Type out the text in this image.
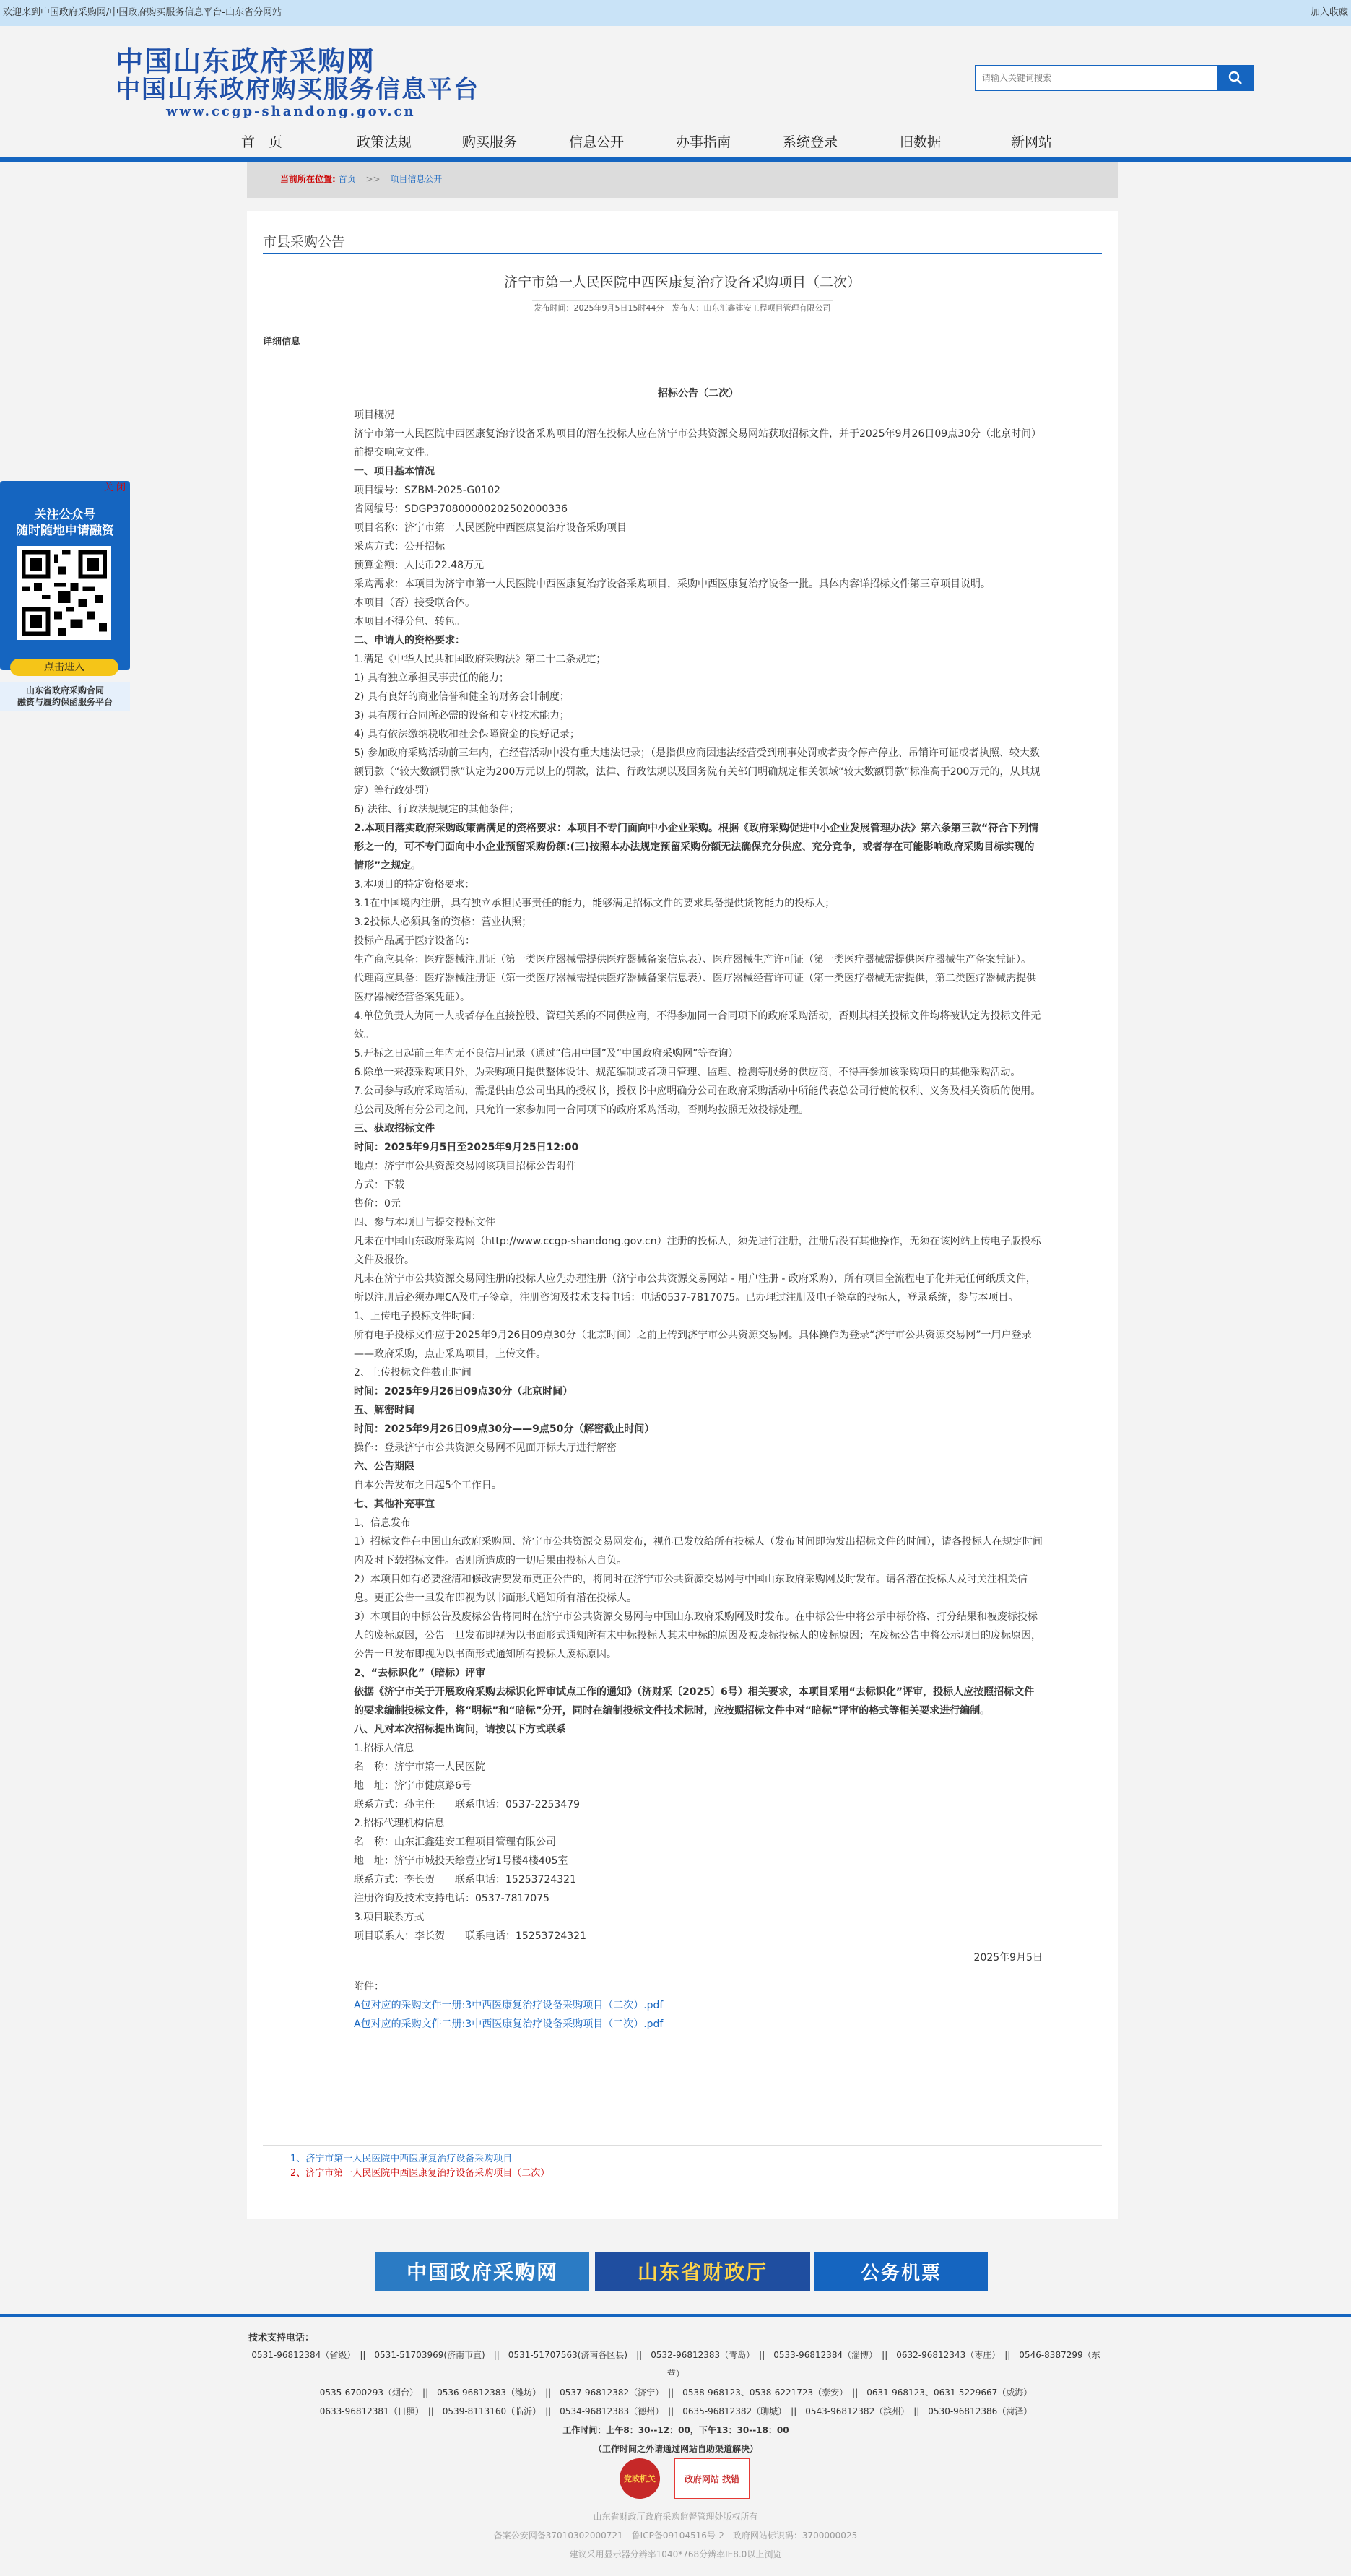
欢迎来到中国政府采购网/中国政府购买服务信息平台-山东省分网站	加入收藏
中国山东政府采购网
中国山东政府购买服务信息平台
www.ccgp-shandong.gov.cn
请输入关键词搜索
首　页	政策法规	购买服务	信息公开	办事指南	系统登录	旧数据	新网站
当前所在位置: 首页 >> 项目信息公开
市县采购公告
济宁市第一人民医院中西医康复治疗设备采购项目（二次）
发布时间：2025年9月5日15时44分　发布人：山东汇鑫建安工程项目管理有限公司
详细信息
招标公告（二次）

项目概况

济宁市第一人民医院中西医康复治疗设备采购项目的潜在投标人应在济宁市公共资源交易网站获取招标文件，并于2025年9月26日09点30分（北京时间）前提交响应文件。

一、项目基本情况

项目编号：SZBM-2025-G0102

省网编号：SDGP370800000202502000336

项目名称：济宁市第一人民医院中西医康复治疗设备采购项目

采购方式：公开招标

预算金额：人民币22.48万元

采购需求：本项目为济宁市第一人民医院中西医康复治疗设备采购项目，采购中西医康复治疗设备一批。具体内容详招标文件第三章项目说明。

本项目（否）接受联合体。

本项目不得分包、转包。

二、申请人的资格要求：

1.满足《中华人民共和国政府采购法》第二十二条规定；

1) 具有独立承担民事责任的能力；

2) 具有良好的商业信誉和健全的财务会计制度；

3) 具有履行合同所必需的设备和专业技术能力；

4) 具有依法缴纳税收和社会保障资金的良好记录；

5) 参加政府采购活动前三年内，在经营活动中没有重大违法记录；（是指供应商因违法经营受到刑事处罚或者责令停产停业、吊销许可证或者执照、较大数额罚款（“较大数额罚款”认定为200万元以上的罚款，法律、行政法规以及国务院有关部门明确规定相关领域“较大数额罚款”标准高于200万元的，从其规定）等行政处罚）

6) 法律、行政法规规定的其他条件；

2.本项目落实政府采购政策需满足的资格要求：本项目不专门面向中小企业采购。根据《政府采购促进中小企业发展管理办法》第六条第三款“符合下列情形之一的，可不专门面向中小企业预留采购份额:(三)按照本办法规定预留采购份额无法确保充分供应、充分竞争，或者存在可能影响政府采购目标实现的情形”之规定。

3.本项目的特定资格要求：

3.1在中国境内注册，具有独立承担民事责任的能力，能够满足招标文件的要求具备提供货物能力的投标人；

3.2投标人必须具备的资格：营业执照；

投标产品属于医疗设备的：

生产商应具备：医疗器械注册证（第一类医疗器械需提供医疗器械备案信息表）、医疗器械生产许可证（第一类医疗器械需提供医疗器械生产备案凭证）。

代理商应具备：医疗器械注册证（第一类医疗器械需提供医疗器械备案信息表）、医疗器械经营许可证（第一类医疗器械无需提供，第二类医疗器械需提供医疗器械经营备案凭证）。

4.单位负责人为同一人或者存在直接控股、管理关系的不同供应商，不得参加同一合同项下的政府采购活动，否则其相关投标文件均将被认定为投标文件无效。

5.开标之日起前三年内无不良信用记录（通过“信用中国”及“中国政府采购网”等查询）

6.除单一来源采购项目外，为采购项目提供整体设计、规范编制或者项目管理、监理、检测等服务的供应商，不得再参加该采购项目的其他采购活动。

7.公司参与政府采购活动，需提供由总公司出具的授权书，授权书中应明确分公司在政府采购活动中所能代表总公司行使的权利、义务及相关资质的使用。总公司及所有分公司之间，只允许一家参加同一合同项下的政府采购活动，否则均按照无效投标处理。

三、获取招标文件

时间：2025年9月5日至2025年9月25日12:00

地点：济宁市公共资源交易网该项目招标公告附件

方式：下载

售价：0元

四、参与本项目与提交投标文件

凡未在中国山东政府采购网（http://www.ccgp-shandong.gov.cn）注册的投标人，须先进行注册，注册后没有其他操作，无须在该网站上传电子版投标文件及报价。

凡未在济宁市公共资源交易网注册的投标人应先办理注册（济宁市公共资源交易网站 - 用户注册 - 政府采购），所有项目全流程电子化并无任何纸质文件，所以注册后必须办理CA及电子签章，注册咨询及技术支持电话：电话0537-7817075。已办理过注册及电子签章的投标人，登录系统，参与本项目。

1、上传电子投标文件时间：

所有电子投标文件应于2025年9月26日09点30分（北京时间）之前上传到济宁市公共资源交易网。具体操作为登录“济宁市公共资源交易网”一用户登录——政府采购，点击采购项目，上传文件。

2、上传投标文件截止时间

时间：2025年9月26日09点30分（北京时间）

五、解密时间

时间：2025年9月26日09点30分——9点50分（解密截止时间）

操作：登录济宁市公共资源交易网不见面开标大厅进行解密

六、公告期限

自本公告发布之日起5个工作日。

七、其他补充事宜

1、信息发布

1）招标文件在中国山东政府采购网、济宁市公共资源交易网发布，视作已发放给所有投标人（发布时间即为发出招标文件的时间），请各投标人在规定时间内及时下载招标文件。否则所造成的一切后果由投标人自负。

2）本项目如有必要澄清和修改需要发布更正公告的，将同时在济宁市公共资源交易网与中国山东政府采购网及时发布。请各潜在投标人及时关注相关信息。更正公告一旦发布即视为以书面形式通知所有潜在投标人。

3）本项目的中标公告及废标公告将同时在济宁市公共资源交易网与中国山东政府采购网及时发布。在中标公告中将公示中标价格、打分结果和被废标投标人的废标原因，公告一旦发布即视为以书面形式通知所有未中标投标人其未中标的原因及被废标投标人的废标原因；在废标公告中将公示项目的废标原因，公告一旦发布即视为以书面形式通知所有投标人废标原因。

2、“去标识化”（暗标）评审

依据《济宁市关于开展政府采购去标识化评审试点工作的通知》（济财采〔2025〕6号）相关要求，本项目采用“去标识化”评审，投标人应按照招标文件的要求编制投标文件，将“明标”和“暗标”分开，同时在编制投标文件技术标时，应按照招标文件中对“暗标”评审的格式等相关要求进行编制。

八、凡对本次招标提出询问，请按以下方式联系

1.招标人信息

名　称：济宁市第一人民医院

地　址：济宁市健康路6号

联系方式：孙主任　　联系电话：0537-2253479

2.招标代理机构信息

名　称：山东汇鑫建安工程项目管理有限公司

地　址：济宁市城投天绘壹业街1号楼4楼405室

联系方式：李长贺　　联系电话：15253724321

注册咨询及技术支持电话：0537-7817075

3.项目联系方式

项目联系人：李长贺　　联系电话：15253724321

2025年9月5日
附件：
A包对应的采购文件一册:3中西医康复治疗设备采购项目（二次）.pdf
A包对应的采购文件二册:3中西医康复治疗设备采购项目（二次）.pdf
1、济宁市第一人民医院中西医康复治疗设备采购项目
2、济宁市第一人民医院中西医康复治疗设备采购项目（二次）
关 闭
关注公众号
随时随地申请融资
点击进入
山东省政府采购合同
融资与履约保函服务平台
中国政府采购网	山东省财政厅	公务机票
技术支持电话：
0531-96812384（省级）　||　0531-51703969(济南市直)　||　0531-51707563(济南各区县)　||　0532-96812383（青岛）　||　0533-96812384（淄博）　||　0632-96812343（枣庄）　||　0546-8387299（东营）
0535-6700293（烟台）　||　0536-96812383（潍坊）　||　0537-96812382（济宁）　||　0538-968123、0538-6221723（泰安）　||　0631-968123、0631-5229667（威海）
0633-96812381（日照）　||　0539-8113160（临沂）　||　0534-96812383（德州）　||　0635-96812382（聊城）　||　0543-96812382（滨州）　||　0530-96812386（菏泽）
工作时间：上午8：30--12：00，下午13：30--18：00
（工作时间之外请通过网站自助渠道解决）
党政机关	政府网站 找错
山东省财政厅政府采购监督管理处版权所有
备案公安网备37010302000721　鲁ICP备09104516号-2　政府网站标识码：3700000025
建议采用显示器分辨率1040*768分辨率IE8.0以上浏览
